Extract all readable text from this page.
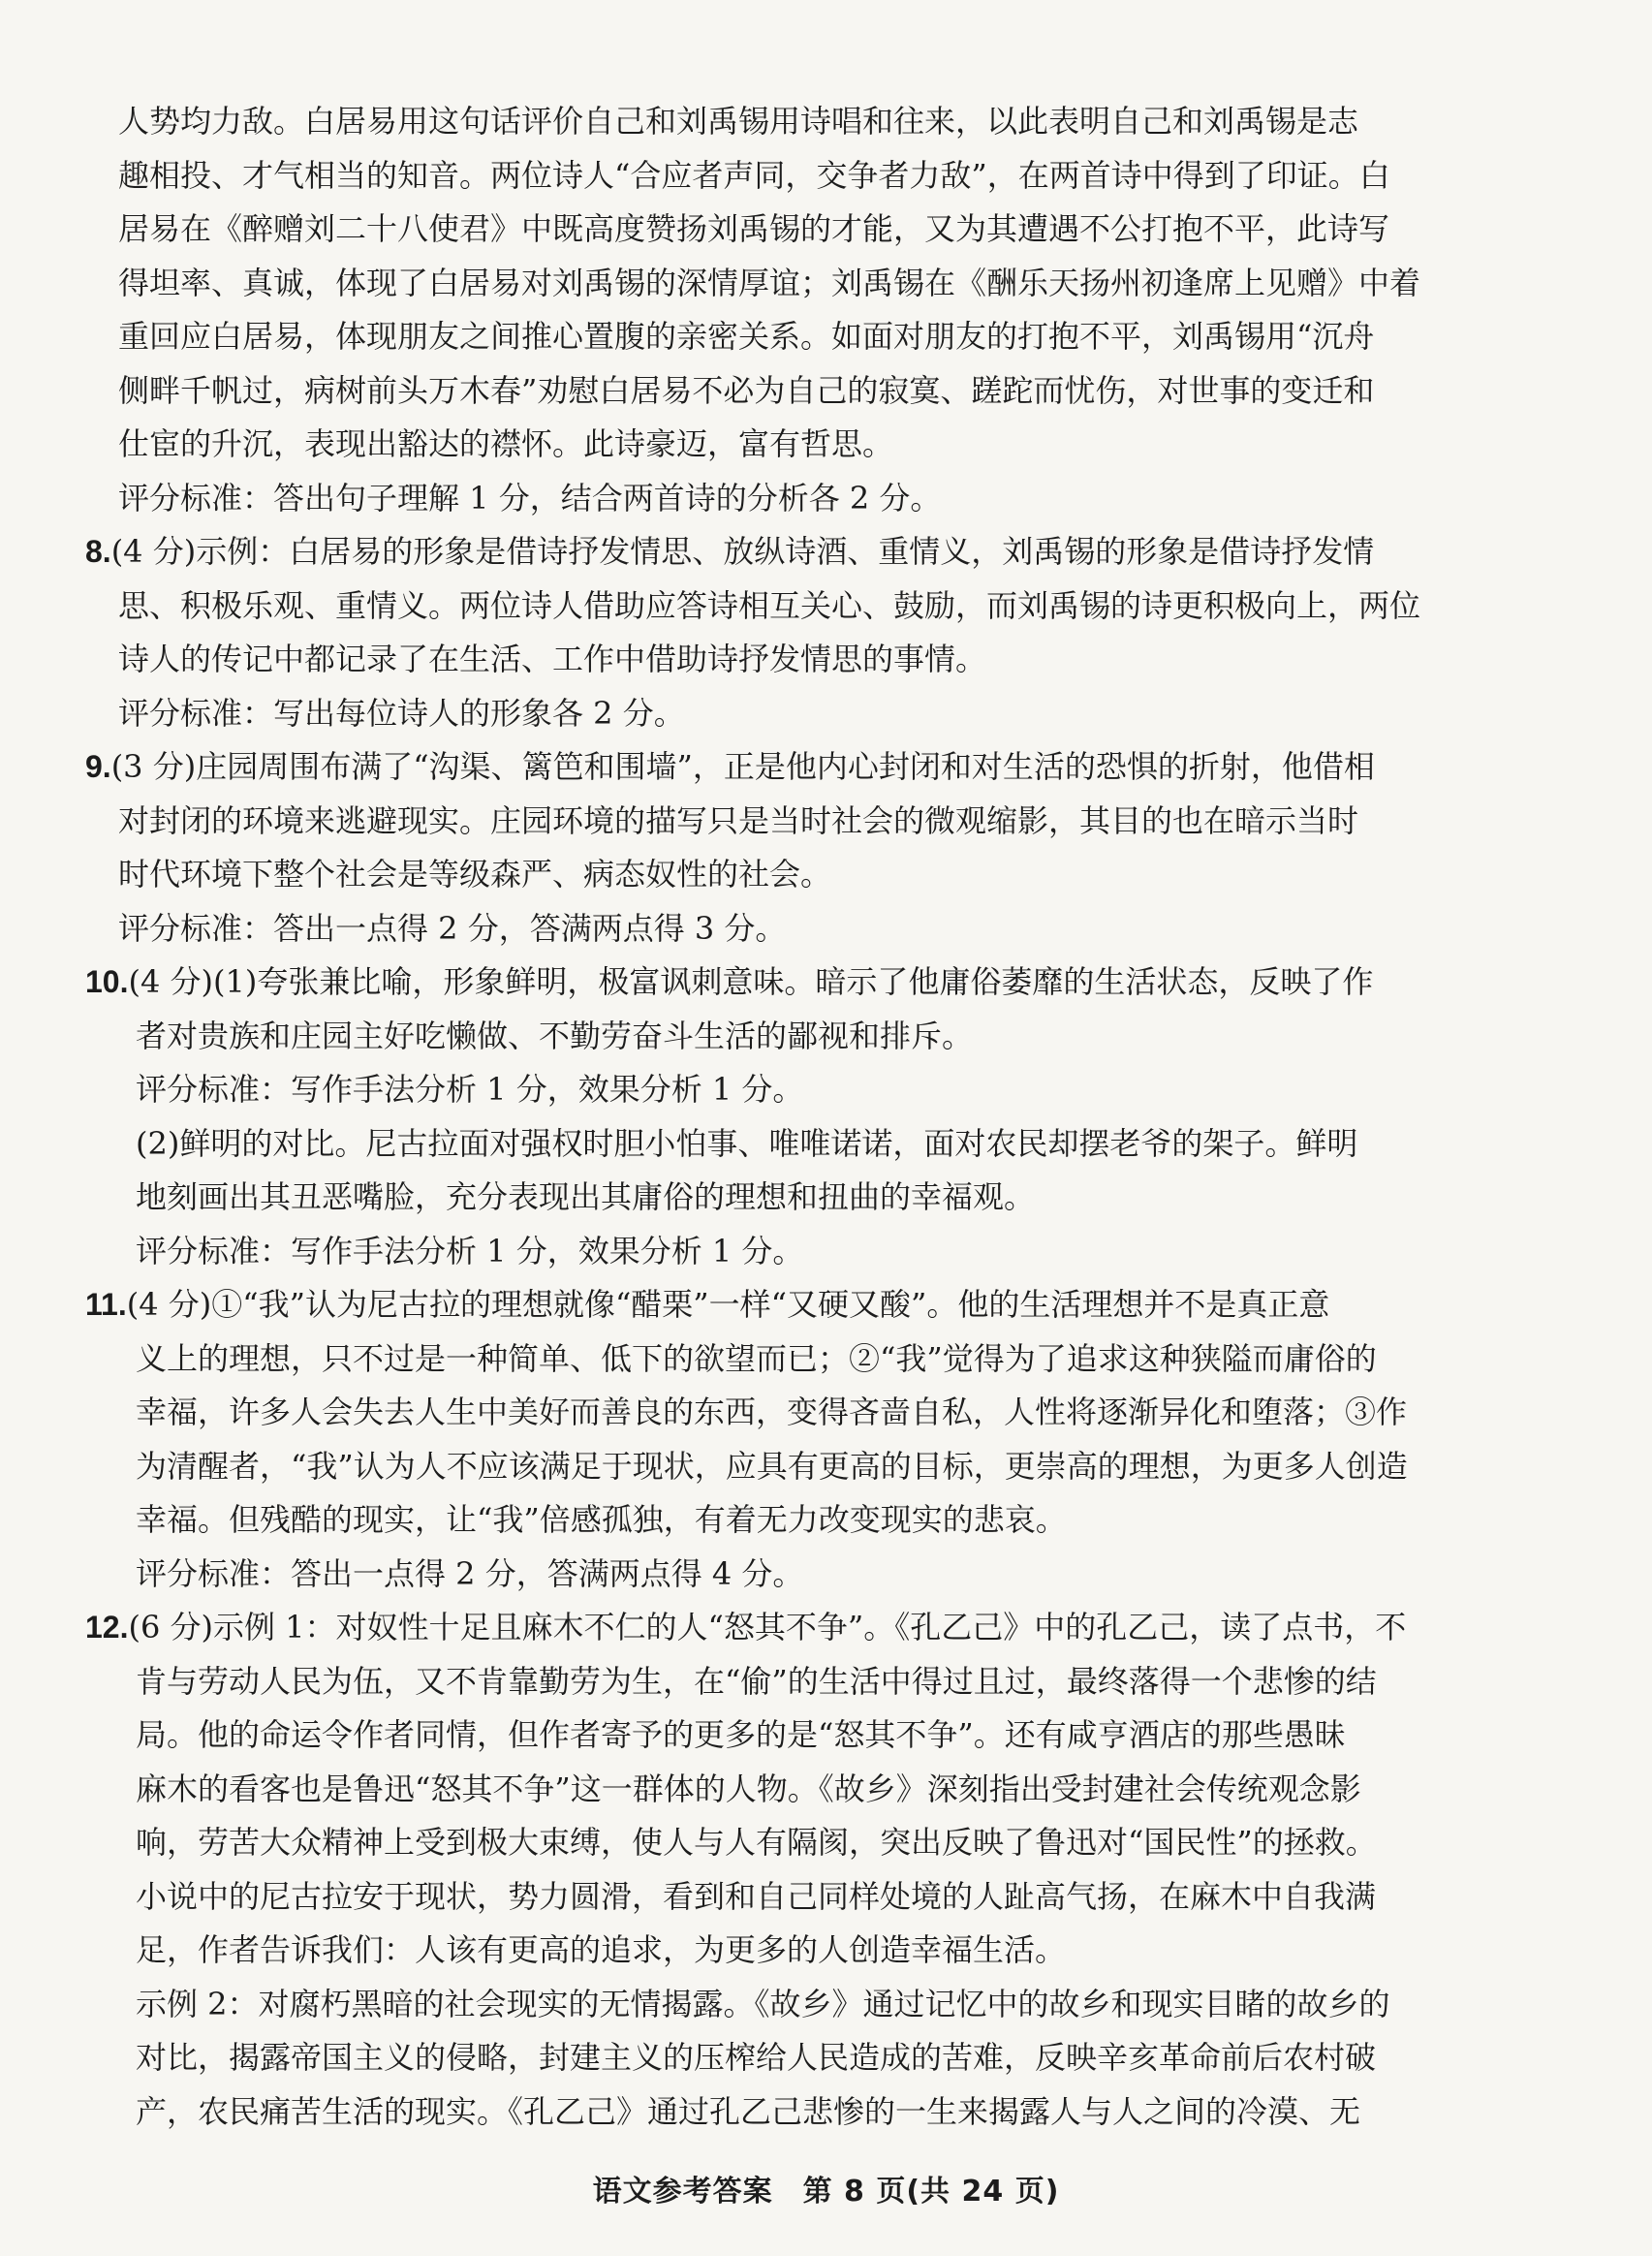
人势均力敌。白居易用这句话评价自己和刘禹锡用诗唱和往来，以此表明自己和刘禹锡是志
趣相投、才气相当的知音。两位诗人“合应者声同，交争者力敌”，在两首诗中得到了印证。白
居易在《醉赠刘二十八使君》中既高度赞扬刘禹锡的才能，又为其遭遇不公打抱不平，此诗写
得坦率、真诚，体现了白居易对刘禹锡的深情厚谊；刘禹锡在《酬乐天扬州初逢席上见赠》中着
重回应白居易，体现朋友之间推心置腹的亲密关系。如面对朋友的打抱不平，刘禹锡用“沉舟
侧畔千帆过，病树前头万木春”劝慰白居易不必为自己的寂寞、蹉跎而忧伤，对世事的变迁和
仕宦的升沉，表现出豁达的襟怀。此诗豪迈，富有哲思。
评分标准：答出句子理解 1 分，结合两首诗的分析各 2 分。
8.(4 分)示例：白居易的形象是借诗抒发情思、放纵诗酒、重情义，刘禹锡的形象是借诗抒发情
思、积极乐观、重情义。两位诗人借助应答诗相互关心、鼓励，而刘禹锡的诗更积极向上，两位
诗人的传记中都记录了在生活、工作中借助诗抒发情思的事情。
评分标准：写出每位诗人的形象各 2 分。
9.(3 分)庄园周围布满了“沟渠、篱笆和围墙”，正是他内心封闭和对生活的恐惧的折射，他借相
对封闭的环境来逃避现实。庄园环境的描写只是当时社会的微观缩影，其目的也在暗示当时
时代环境下整个社会是等级森严、病态奴性的社会。
评分标准：答出一点得 2 分，答满两点得 3 分。
10.(4 分)(1)夸张兼比喻，形象鲜明，极富讽刺意味。暗示了他庸俗萎靡的生活状态，反映了作
者对贵族和庄园主好吃懒做、不勤劳奋斗生活的鄙视和排斥。
评分标准：写作手法分析 1 分，效果分析 1 分。
(2)鲜明的对比。尼古拉面对强权时胆小怕事、唯唯诺诺，面对农民却摆老爷的架子。鲜明
地刻画出其丑恶嘴脸，充分表现出其庸俗的理想和扭曲的幸福观。
评分标准：写作手法分析 1 分，效果分析 1 分。
11.(4 分)①“我”认为尼古拉的理想就像“醋栗”一样“又硬又酸”。他的生活理想并不是真正意
义上的理想，只不过是一种简单、低下的欲望而已；②“我”觉得为了追求这种狭隘而庸俗的
幸福，许多人会失去人生中美好而善良的东西，变得吝啬自私，人性将逐渐异化和堕落；③作
为清醒者，“我”认为人不应该满足于现状，应具有更高的目标，更崇高的理想，为更多人创造
幸福。但残酷的现实，让“我”倍感孤独，有着无力改变现实的悲哀。
评分标准：答出一点得 2 分，答满两点得 4 分。
12.(6 分)示例 1：对奴性十足且麻木不仁的人“怒其不争”。《孔乙己》中的孔乙己，读了点书，不
肯与劳动人民为伍，又不肯靠勤劳为生，在“偷”的生活中得过且过，最终落得一个悲惨的结
局。他的命运令作者同情，但作者寄予的更多的是“怒其不争”。还有咸亨酒店的那些愚昧
麻木的看客也是鲁迅“怒其不争”这一群体的人物。《故乡》深刻指出受封建社会传统观念影
响，劳苦大众精神上受到极大束缚，使人与人有隔阂，突出反映了鲁迅对“国民性”的拯救。
小说中的尼古拉安于现状，势力圆滑，看到和自己同样处境的人趾高气扬，在麻木中自我满
足，作者告诉我们：人该有更高的追求，为更多的人创造幸福生活。
示例 2：对腐朽黑暗的社会现实的无情揭露。《故乡》通过记忆中的故乡和现实目睹的故乡的
对比，揭露帝国主义的侵略，封建主义的压榨给人民造成的苦难，反映辛亥革命前后农村破
产，农民痛苦生活的现实。《孔乙己》通过孔乙己悲惨的一生来揭露人与人之间的冷漠、无
语文参考答案　第 8 页(共 24 页)
